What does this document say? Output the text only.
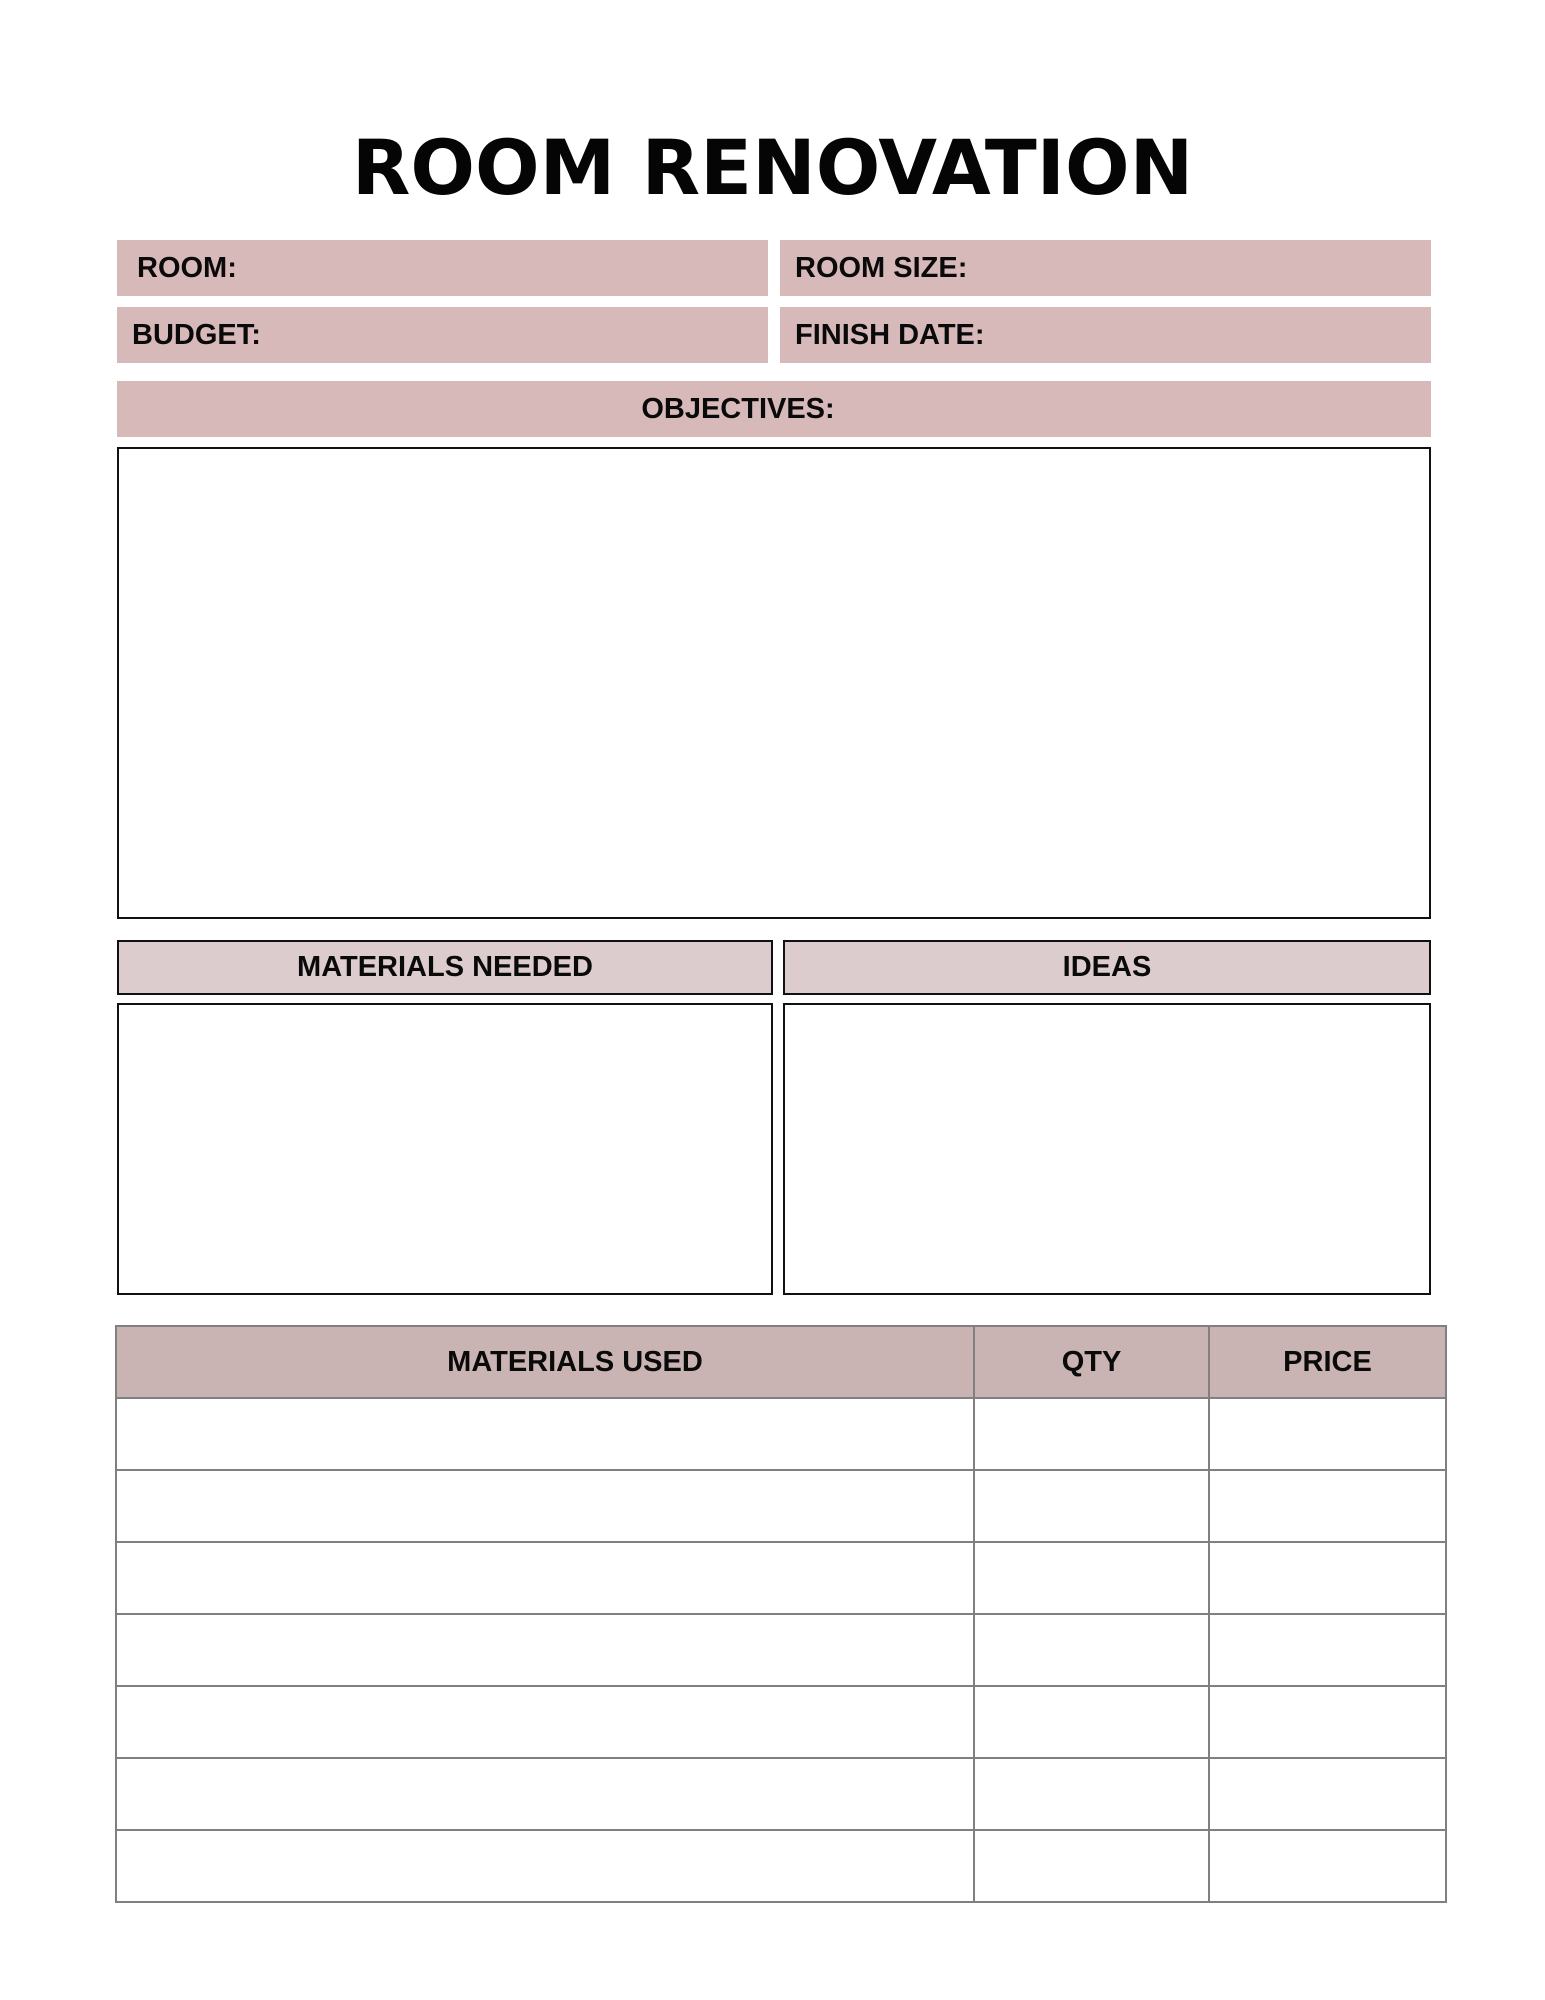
ROOM RENOVATION
ROOM:	ROOM SIZE:
BUDGET:	FINISH DATE:
OBJECTIVES:
MATERIALS NEEDED	IDEAS
MATERIALS USED	QTY	PRICE
